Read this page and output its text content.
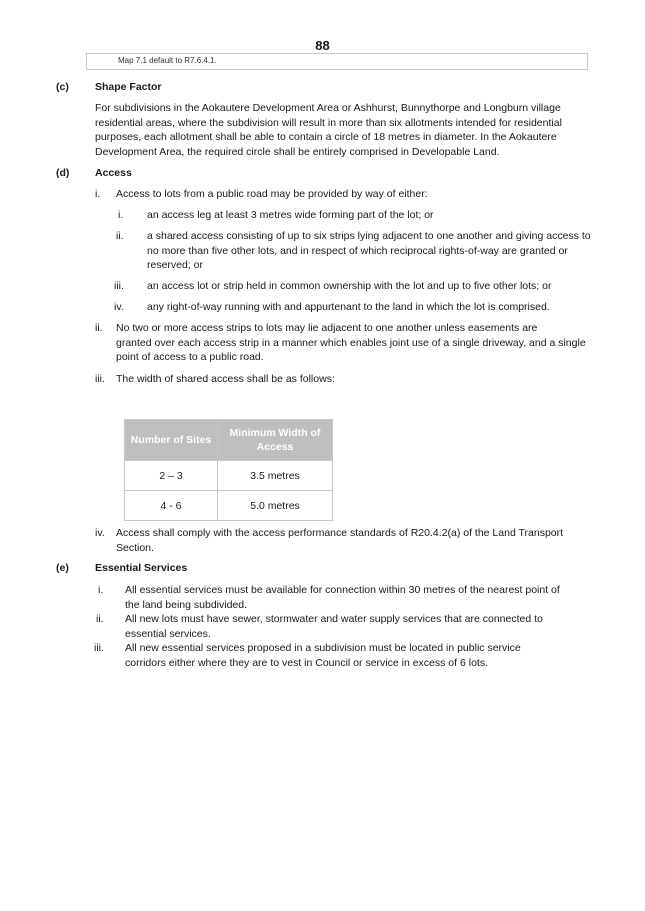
88
Map 7.1 default to R7.6.4.1.
(c) Shape Factor
For subdivisions in the Aokautere Development Area or Ashhurst, Bunnythorpe and Longburn village
residential areas, where the subdivision will result in more than six allotments intended for residential
purposes, each allotment shall be able to contain a circle of 18 metres in diameter. In the Aokautere
Development Area, the required circle shall be entirely comprised in Developable Land.
(d) Access
i. Access to lots from a public road may be provided by way of either:
i. an access leg at least 3 metres wide forming part of the lot; or
ii. a shared access consisting of up to six strips lying adjacent to one another and giving access to
no more than five other lots, and in respect of which reciprocal rights-of-way are granted or
reserved; or
iii. an access lot or strip held in common ownership with the lot and up to five other lots; or
iv. any right-of-way running with and appurtenant to the land in which the lot is comprised.
ii. No two or more access strips to lots may lie adjacent to one another unless easements are
granted over each access strip in a manner which enables joint use of a single driveway, and a single
point of access to a public road.
iii. The width of shared access shall be as follows:
Number of Sites	Minimum Width of Access
2 – 3	3.5 metres
4 - 6	5.0 metres
iv. Access shall comply with the access performance standards of R20.4.2(a) of the Land Transport
Section.
(e) Essential Services
i. All essential services must be available for connection within 30 metres of the nearest point of
the land being subdivided.
ii. All new lots must have sewer, stormwater and water supply services that are connected to
essential services.
iii. All new essential services proposed in a subdivision must be located in public service
corridors either where they are to vest in Council or service in excess of 6 lots.
